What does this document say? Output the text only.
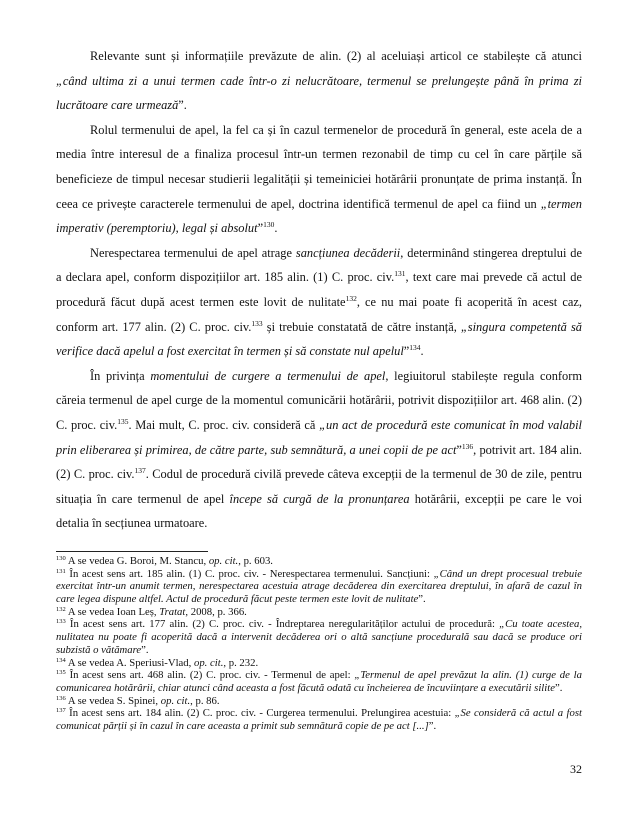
Relevante sunt și informațiile prevăzute de alin. (2) al aceluiași articol ce stabilește că atunci „când ultima zi a unui termen cade într-o zi nelucrătoare, termenul se prelungește până în prima zi lucrătoare care urmează”.

Rolul termenului de apel, la fel ca și în cazul termenelor de procedură în general, este acela de a media între interesul de a finaliza procesul într-un termen rezonabil de timp cu cel în care părțile să beneficieze de timpul necesar studierii legalității și temeiniciei hotărârii pronunțate de prima instanță. În ceea ce privește caracterele termenului de apel, doctrina identifică termenul de apel ca fiind un „termen imperativ (peremptoriu), legal și absolut”$^{130}$.

Nerespectarea termenului de apel atrage sancțiunea decăderii, determinând stingerea dreptului de a declara apel, conform dispozițiilor art. 185 alin. (1) C. proc. civ.$^{131}$, text care mai prevede că actul de procedură făcut după acest termen este lovit de nulitate$^{132}$, ce nu mai poate fi acoperită în acest caz, conform art. 177 alin. (2) C. proc. civ.$^{133}$ și trebuie constatată de către instanță, „singura competentă să verifice dacă apelul a fost exercitat în termen și să constate nul apelul”$^{134}$.

În privința momentului de curgere a termenului de apel, legiuitorul stabilește regula conform căreia termenul de apel curge de la momentul comunicării hotărârii, potrivit dispozițiilor art. 468 alin. (2) C. proc. civ.$^{135}$. Mai mult, C. proc. civ. consideră că „un act de procedură este comunicat în mod valabil prin eliberarea și primirea, de către parte, sub semnătură, a unei copii de pe act”$^{136}$, potrivit art. 184 alin. (2) C. proc. civ.$^{137}$. Codul de procedură civilă prevede câteva excepții de la termenul de 30 de zile, pentru situația în care termenul de apel începe să curgă de la pronunțarea hotărârii, excepții pe care le voi detalia în secțiunea urmatoare.

$^{130}$ A se vedea G. Boroi, M. Stancu, op. cit., p. 603.

$^{131}$ În acest sens art. 185 alin. (1) C. proc. civ. - Nerespectarea termenului. Sancțiuni: „Când un drept procesual trebuie exercitat într-un anumit termen, nerespectarea acestuia atrage decăderea din exercitarea dreptului, în afară de cazul în care legea dispune altfel. Actul de procedură făcut peste termen este lovit de nulitate”.

$^{132}$ A se vedea Ioan Leș, Tratat, 2008, p. 366.

$^{133}$ În acest sens art. 177 alin. (2) C. proc. civ. - Îndreptarea neregularităților actului de procedură: „Cu toate acestea, nulitatea nu poate fi acoperită dacă a intervenit decăderea ori o altă sancțiune procedurală sau dacă se produce ori subzistă o vătămare”.

$^{134}$ A se vedea A. Speriusi-Vlad, op. cit., p. 232.

$^{135}$ În acest sens art. 468 alin. (2) C. proc. civ. - Termenul de apel: „Termenul de apel prevăzut la alin. (1) curge de la comunicarea hotărârii, chiar atunci când aceasta a fost făcută odată cu încheierea de încuviințare a executării silite”.

$^{136}$ A se vedea S. Spinei, op. cit., p. 86.

$^{137}$ În acest sens art. 184 alin. (2) C. proc. civ. - Curgerea termenului. Prelungirea acestuia: „Se consideră că actul a fost comunicat părții și în cazul în care aceasta a primit sub semnătură copie de pe act [...]”.

32
